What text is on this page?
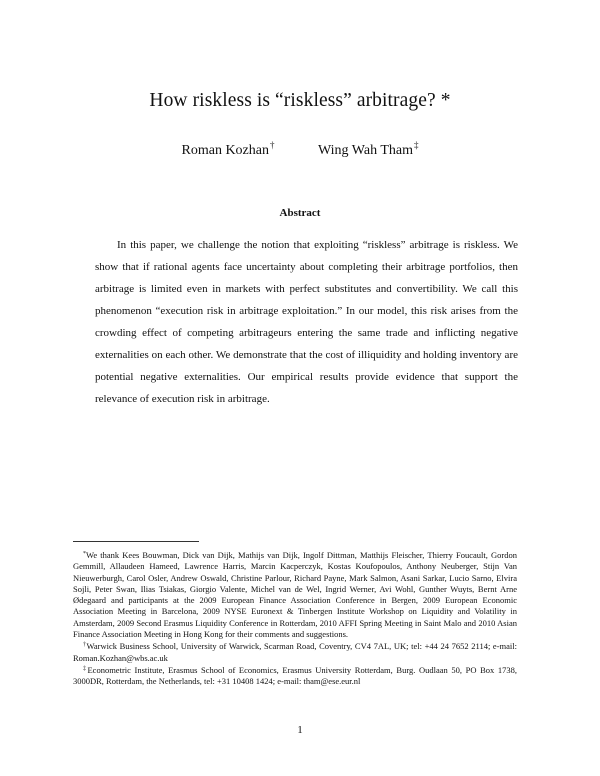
How riskless is “riskless” arbitrage? *
Roman Kozhan†	Wing Wah Tham‡
Abstract

In this paper, we challenge the notion that exploiting “riskless” arbitrage is riskless. We show that if rational agents face uncertainty about completing their arbitrage portfolios, then arbitrage is limited even in markets with perfect substitutes and convertibility. We call this phenomenon “execution risk in arbitrage exploitation.” In our model, this risk arises from the crowding effect of competing arbitrageurs entering the same trade and inflicting negative externalities on each other. We demonstrate that the cost of illiquidity and holding inventory are potential negative externalities. Our empirical results provide evidence that support the relevance of execution risk in arbitrage.

*We thank Kees Bouwman, Dick van Dijk, Mathijs van Dijk, Ingolf Dittman, Matthijs Fleischer, Thierry Foucault, Gordon Gemmill, Allaudeen Hameed, Lawrence Harris, Marcin Kacperczyk, Kostas Koufopoulos, Anthony Neuberger, Stijn Van Nieuwerburgh, Carol Osler, Andrew Oswald, Christine Parlour, Richard Payne, Mark Salmon, Asani Sarkar, Lucio Sarno, Elvira Sojli, Peter Swan, Ilias Tsiakas, Giorgio Valente, Michel van de Wel, Ingrid Werner, Avi Wohl, Gunther Wuyts, Bernt Arne Ødegaard and participants at the 2009 European Finance Association Conference in Bergen, 2009 European Economic Association Meeting in Barcelona, 2009 NYSE Euronext & Tinbergen Institute Workshop on Liquidity and Volatility in Amsterdam, 2009 Second Erasmus Liquidity Conference in Rotterdam, 2010 AFFI Spring Meeting in Saint Malo and 2010 Asian Finance Association Meeting in Hong Kong for their comments and suggestions.

†Warwick Business School, University of Warwick, Scarman Road, Coventry, CV4 7AL, UK; tel: +44 24 7652 2114; e-mail: Roman.Kozhan@wbs.ac.uk

‡Econometric Institute, Erasmus School of Economics, Erasmus University Rotterdam, Burg. Oudlaan 50, PO Box 1738, 3000DR, Rotterdam, the Netherlands, tel: +31 10408 1424; e-mail: tham@ese.eur.nl

1
